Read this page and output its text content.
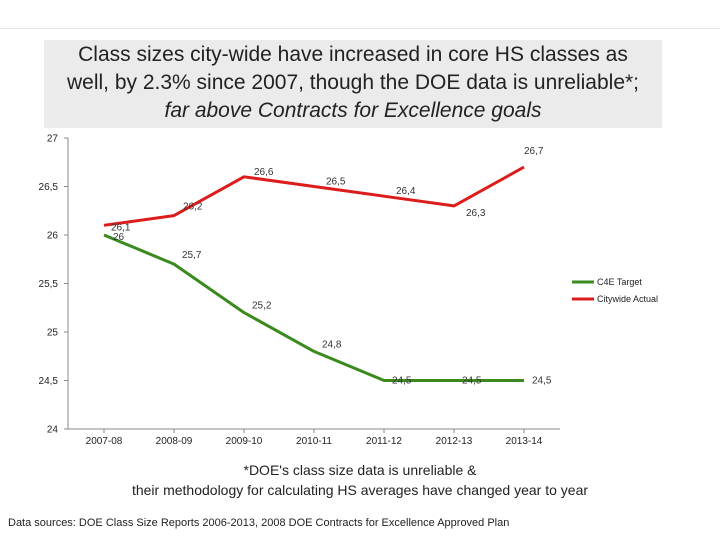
Class sizes city-wide have increased in core HS classes as
well, by 2.3% since 2007, though the DOE data is unreliable*;
far above Contracts for Excellence goals
24
24,5
25
25,5
26
26,5
27
2007-08	2008-09	2009-10	2010-11	2011-12	2012-13	2013-14
26
25,7
25,2
24,8
24,5	24,5	24,5
26,1
26,2
26,6
26,5
26,4
26,3
26,7
C4E Target
Citywide Actual
*DOE's class size data is unreliable &
their methodology for calculating HS averages have changed year to year
Data sources: DOE Class Size Reports 2006-2013, 2008 DOE Contracts for Excellence Approved Plan
